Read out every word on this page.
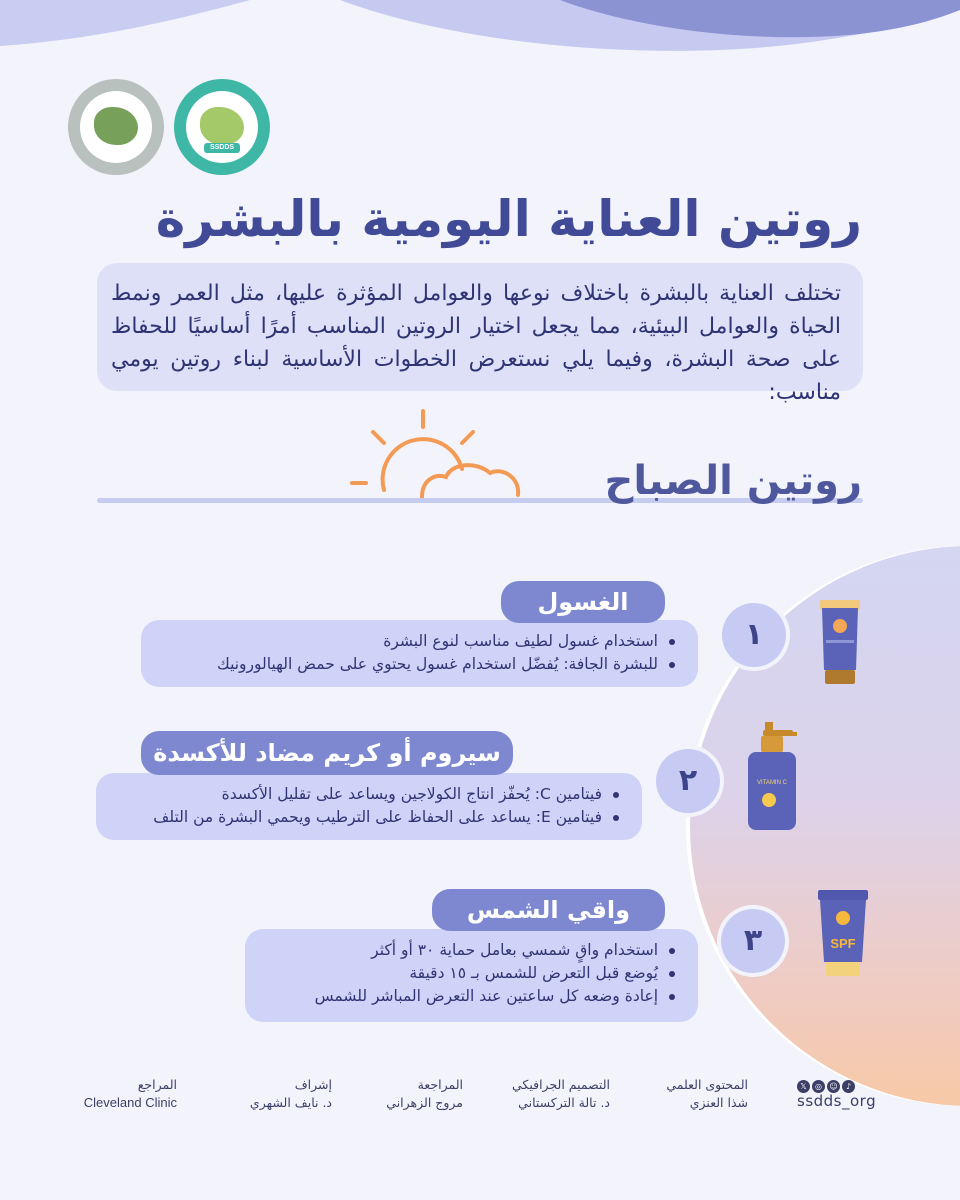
SSDDS
روتين العناية اليومية بالبشرة
تختلف العناية بالبشرة باختلاف نوعها والعوامل المؤثرة عليها، مثل العمر ونمط الحياة والعوامل البيئية، مما يجعل اختيار الروتين المناسب أمرًا أساسيًا للحفاظ على صحة البشرة، وفيما يلي نستعرض الخطوات الأساسية لبناء روتين يومي مناسب:
روتين الصباح
VITAMIN C
SPF
١
٢
٣
استخدام غسول لطيف مناسب لنوع البشرة
للبشرة الجافة: يُفضّل استخدام غسول يحتوي على حمض الهيالورونيك
الغسول
فيتامين C: يُحفّز انتاج الكولاجين ويساعد على تقليل الأكسدة
فيتامين E: يساعد على الحفاظ على الترطيب ويحمي البشرة من التلف
سيروم أو كريم مضاد للأكسدة
استخدام واقٍ شمسي بعامل حماية ٣٠ أو أكثر
يُوضع قبل التعرض للشمس بـ ١٥ دقيقة
إعادة وضعه كل ساعتين عند التعرض المباشر للشمس
واقي الشمس
المحتوى العلمي
شذا العنزي
التصميم الجرافيكي
د. تالة التركستاني
المراجعة
مروج الزهراني
إشراف
د. نايف الشهري
المراجع
Cleveland Clinic
𝕏 ◎ ☺ ♪
ssdds_org
